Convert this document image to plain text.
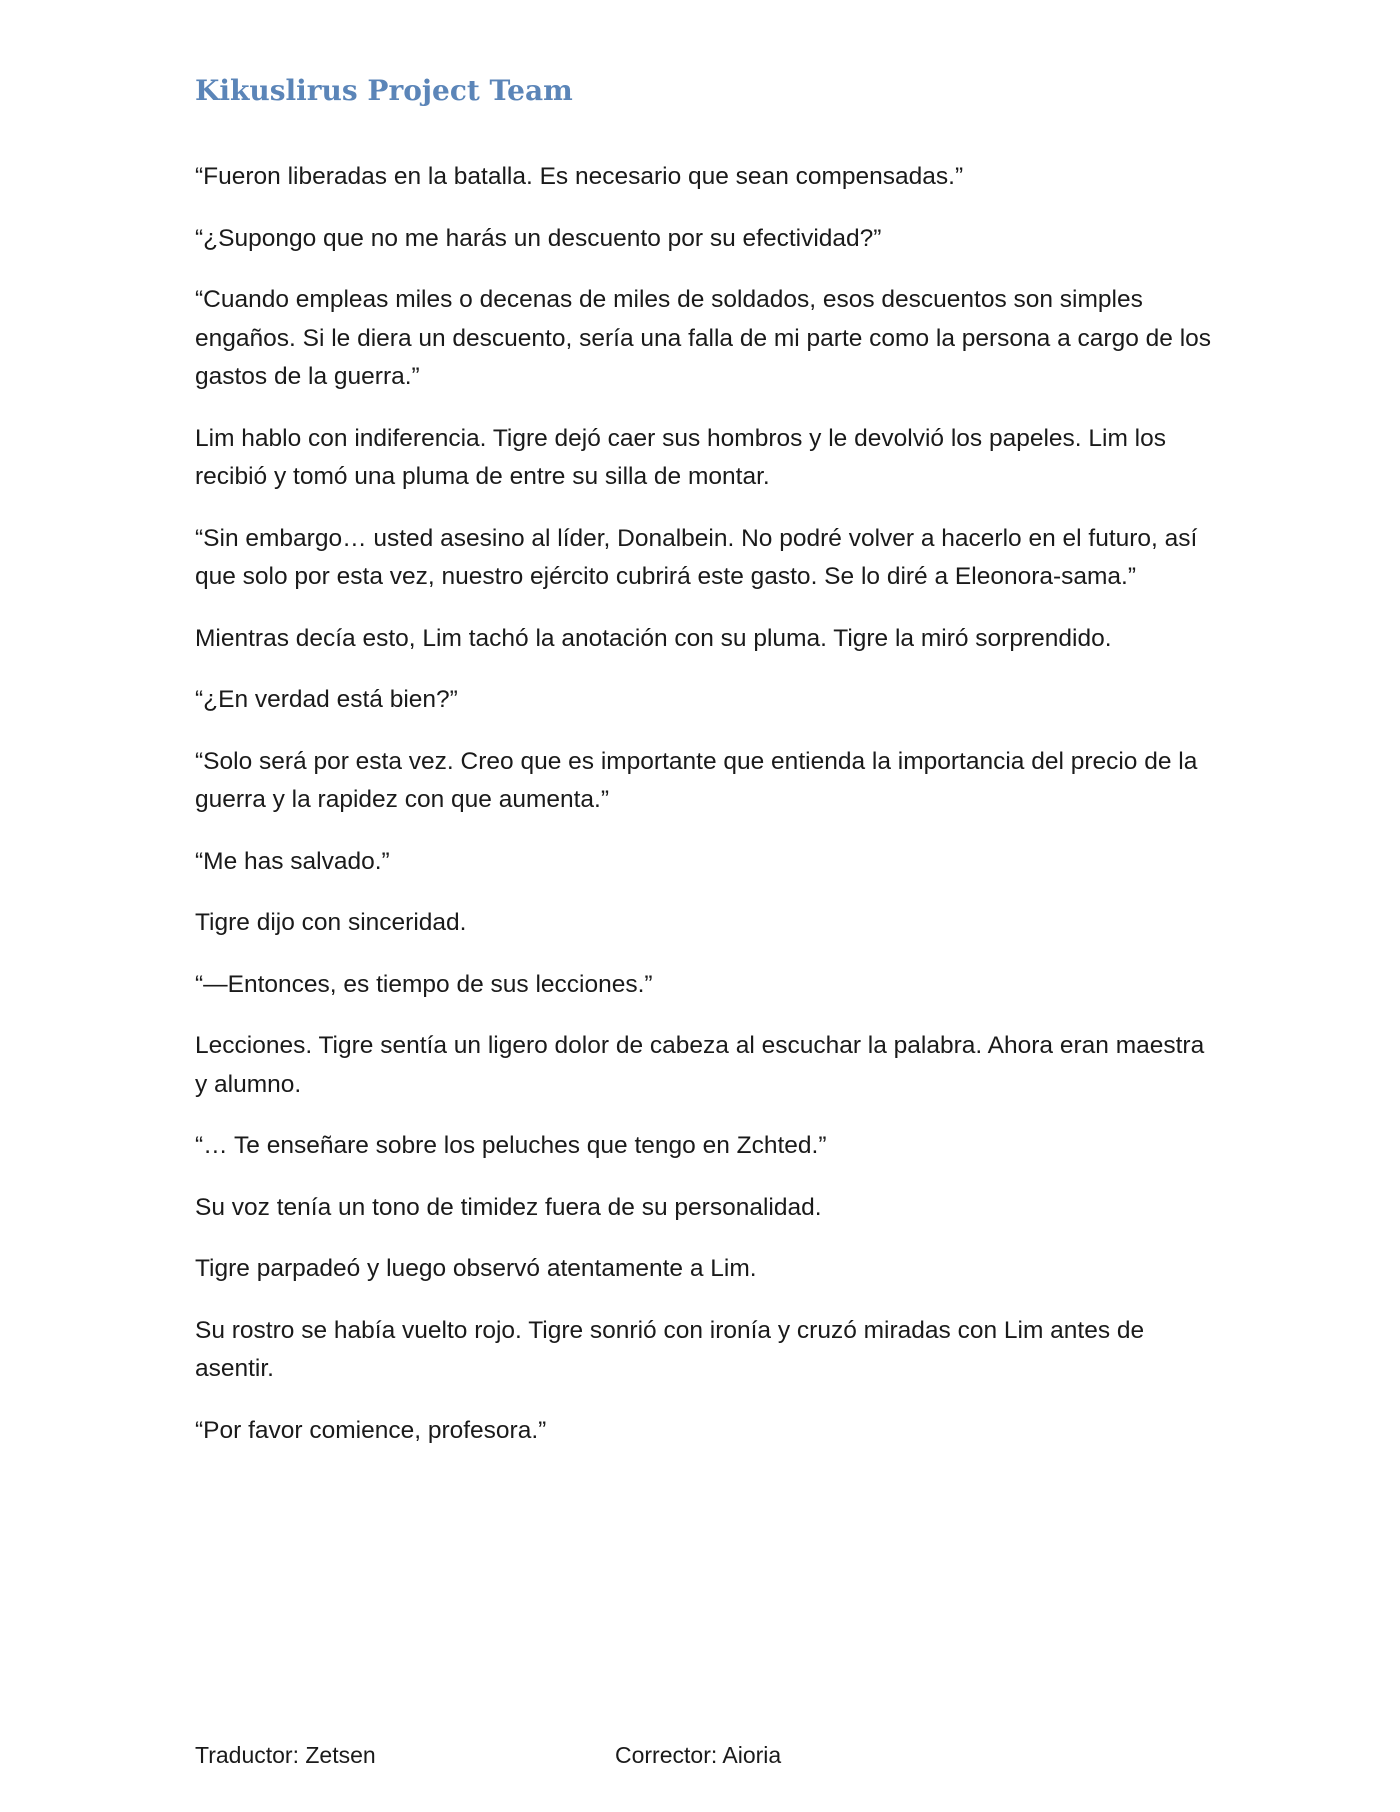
Kikuslirus Project Team

“Fueron liberadas en la batalla. Es necesario que sean compensadas.”

“¿Supongo que no me harás un descuento por su efectividad?”

“Cuando empleas miles o decenas de miles de soldados, esos descuentos son simples engaños. Si le diera un descuento, sería una falla de mi parte como la persona a cargo de los gastos de la guerra.”

Lim hablo con indiferencia. Tigre dejó caer sus hombros y le devolvió los papeles. Lim los recibió y tomó una pluma de entre su silla de montar.

“Sin embargo… usted asesino al líder, Donalbein. No podré volver a hacerlo en el futuro, así que solo por esta vez, nuestro ejército cubrirá este gasto. Se lo diré a Eleonora-sama.”

Mientras decía esto, Lim tachó la anotación con su pluma. Tigre la miró sorprendido.

“¿En verdad está bien?”

“Solo será por esta vez. Creo que es importante que entienda la importancia del precio de la guerra y la rapidez con que aumenta.”

“Me has salvado.”

Tigre dijo con sinceridad.

“—Entonces, es tiempo de sus lecciones.”

Lecciones. Tigre sentía un ligero dolor de cabeza al escuchar la palabra. Ahora eran maestra y alumno.

“… Te enseñare sobre los peluches que tengo en Zchted.”

Su voz tenía un tono de timidez fuera de su personalidad.

Tigre parpadeó y luego observó atentamente a Lim.

Su rostro se había vuelto rojo. Tigre sonrió con ironía y cruzó miradas con Lim antes de asentir.

“Por favor comience, profesora.”

Traductor: Zetsen	Corrector: Aioria
